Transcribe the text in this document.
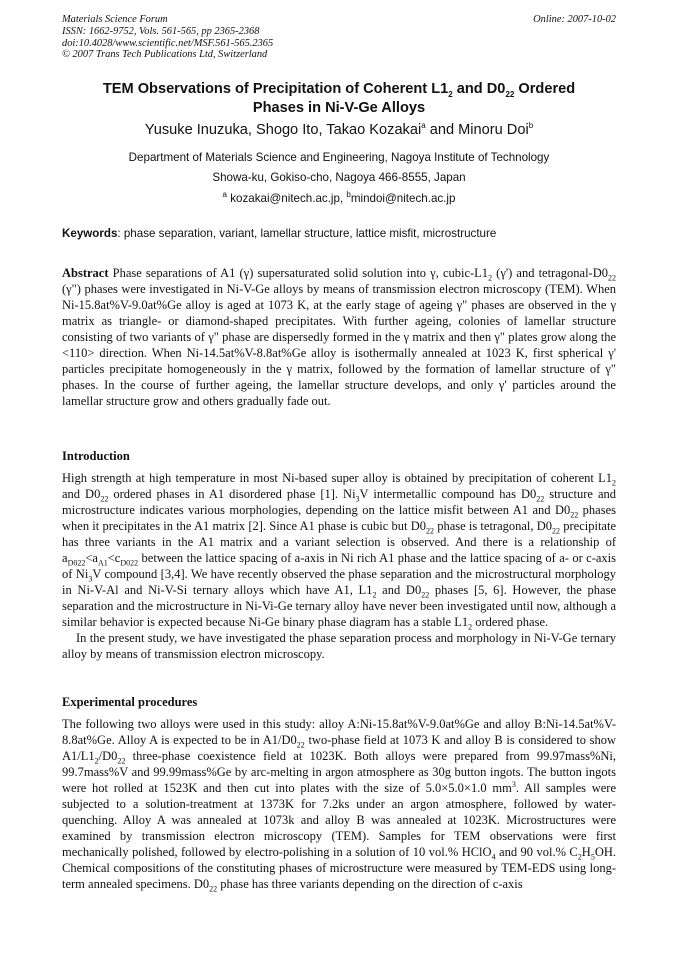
Materials Science Forum
ISSN: 1662-9752, Vols. 561-565, pp 2365-2368
doi:10.4028/www.scientific.net/MSF.561-565.2365
© 2007 Trans Tech Publications Ltd, Switzerland
Online: 2007-10-02
TEM Observations of Precipitation of Coherent $L1_2$ and $D0_{22}$ Ordered
Phases in Ni-V-Ge Alloys
Yusuke Inuzuka, Shogo Ito, Takao Kozakai$^a$ and Minoru Doi$^b$
Department of Materials Science and Engineering, Nagoya Institute of Technology
Showa-ku, Gokiso-cho, Nagoya 466-8555, Japan
$^a$ kozakai@nitech.ac.jp, $^b$mindoi@nitech.ac.jp
Keywords: phase separation, variant, lamellar structure, lattice misfit, microstructure
Abstract Phase separations of A1 (γ) supersaturated solid solution into γ, cubic-$L1_2$ (γ') and tetragonal-$D0_{22}$ (γ") phases were investigated in Ni-V-Ge alloys by means of transmission electron microscopy (TEM). When Ni-15.8at%V-9.0at%Ge alloy is aged at 1073 K, at the early stage of ageing γ" phases are observed in the γ matrix as triangle- or diamond-shaped precipitates. With further ageing, colonies of lamellar structure consisting of two variants of γ" phase are dispersedly formed in the γ matrix and then γ" plates grow along the <110> direction. When Ni-14.5at%V-8.8at%Ge alloy is isothermally annealed at 1023 K, first spherical γ' particles precipitate homogeneously in the γ matrix, followed by the formation of lamellar structure of γ" phases. In the course of further ageing, the lamellar structure develops, and only γ' particles around the lamellar structure grow and others gradually fade out.
Introduction
High strength at high temperature in most Ni-based super alloy is obtained by precipitation of coherent $L1_2$ and $D0_{22}$ ordered phases in A1 disordered phase [1]. $Ni_3V$ intermetallic compound has $D0_{22}$ structure and microstructure indicates various morphologies, depending on the lattice misfit between A1 and $D0_{22}$ phases when it precipitates in the A1 matrix [2]. Since A1 phase is cubic but $D0_{22}$ phase is tetragonal, $D0_{22}$ precipitate has three variants in the A1 matrix and a variant selection is observed. And there is a relationship of $a_{D022}<a_{A1}<c_{D022}$ between the lattice spacing of a-axis in Ni rich A1 phase and the lattice spacing of a- or c-axis of $Ni_3V$ compound [3,4]. We have recently observed the phase separation and the microstructural morphology in Ni-V-Al and Ni-V-Si ternary alloys which have A1, $L1_2$ and $D0_{22}$ phases [5, 6]. However, the phase separation and the microstructure in Ni-Vi-Ge ternary alloy have never been investigated until now, although a similar behavior is expected because Ni-Ge binary phase diagram has a stable $L1_2$ ordered phase.
In the present study, we have investigated the phase separation process and morphology in Ni-V-Ge ternary alloy by means of transmission electron microscopy.
Experimental procedures
The following two alloys were used in this study: alloy A:Ni-15.8at%V-9.0at%Ge and alloy B:Ni-14.5at%V-8.8at%Ge. Alloy A is expected to be in $A1/D0_{22}$ two-phase field at 1073 K and alloy B is considered to show $A1/L1_2/D0_{22}$ three-phase coexistence field at 1023K. Both alloys were prepared from 99.97mass%Ni, 99.7mass%V and 99.99mass%Ge by arc-melting in argon atmosphere as 30g button ingots. The button ingots were hot rolled at 1523K and then cut into plates with the size of 5.0×5.0×1.0 $mm^3$. All samples were subjected to a solution-treatment at 1373K for 7.2ks under an argon atmosphere, followed by water-quenching. Alloy A was annealed at 1073k and alloy B was annealed at 1023K. Microstructures were examined by transmission electron microscopy (TEM). Samples for TEM observations were first mechanically polished, followed by electro-polishing in a solution of 10 vol.% HClO$_4$ and 90 vol.% $C_2H_5OH$. Chemical compositions of the constituting phases of microstructure were measured by TEM-EDS using long-term annealed specimens. $D0_{22}$ phase has three variants depending on the direction of c-axis
